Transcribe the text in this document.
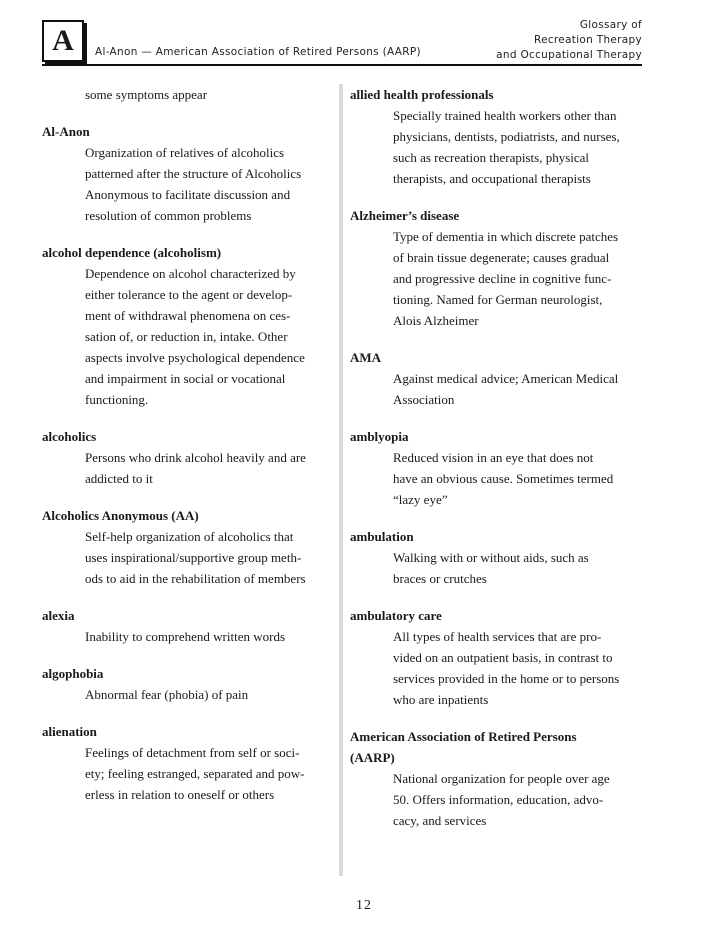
A	Al-Anon — American Association of Retired Persons (AARP)
Glossary of
Recreation Therapy
and Occupational Therapy
some symptoms appear
Al-Anon
Organization of relatives of alcoholics
patterned after the structure of Alcoholics
Anonymous to facilitate discussion and
resolution of common problems
alcohol dependence (alcoholism)
Dependence on alcohol characterized by
either tolerance to the agent or develop-
ment of withdrawal phenomena on ces-
sation of, or reduction in, intake. Other
aspects involve psychological dependence
and impairment in social or vocational
functioning.
alcoholics
Persons who drink alcohol heavily and are
addicted to it
Alcoholics Anonymous (AA)
Self-help organization of alcoholics that
uses inspirational/supportive group meth-
ods to aid in the rehabilitation of members
alexia
Inability to comprehend written words
algophobia
Abnormal fear (phobia) of pain
alienation
Feelings of detachment from self or soci-
ety; feeling estranged, separated and pow-
erless in relation to oneself or others
allied health professionals
Specially trained health workers other than
physicians, dentists, podiatrists, and nurses,
such as recreation therapists, physical
therapists, and occupational therapists
Alzheimer’s disease
Type of dementia in which discrete patches
of brain tissue degenerate; causes gradual
and progressive decline in cognitive func-
tioning. Named for German neurologist,
Alois Alzheimer
AMA
Against medical advice; American Medical
Association
amblyopia
Reduced vision in an eye that does not
have an obvious cause. Sometimes termed
“lazy eye”
ambulation
Walking with or without aids, such as
braces or crutches
ambulatory care
All types of health services that are pro-
vided on an outpatient basis, in contrast to
services provided in the home or to persons
who are inpatients
American Association of Retired Persons
(AARP)
National organization for people over age
50. Offers information, education, advo-
cacy, and services
12
